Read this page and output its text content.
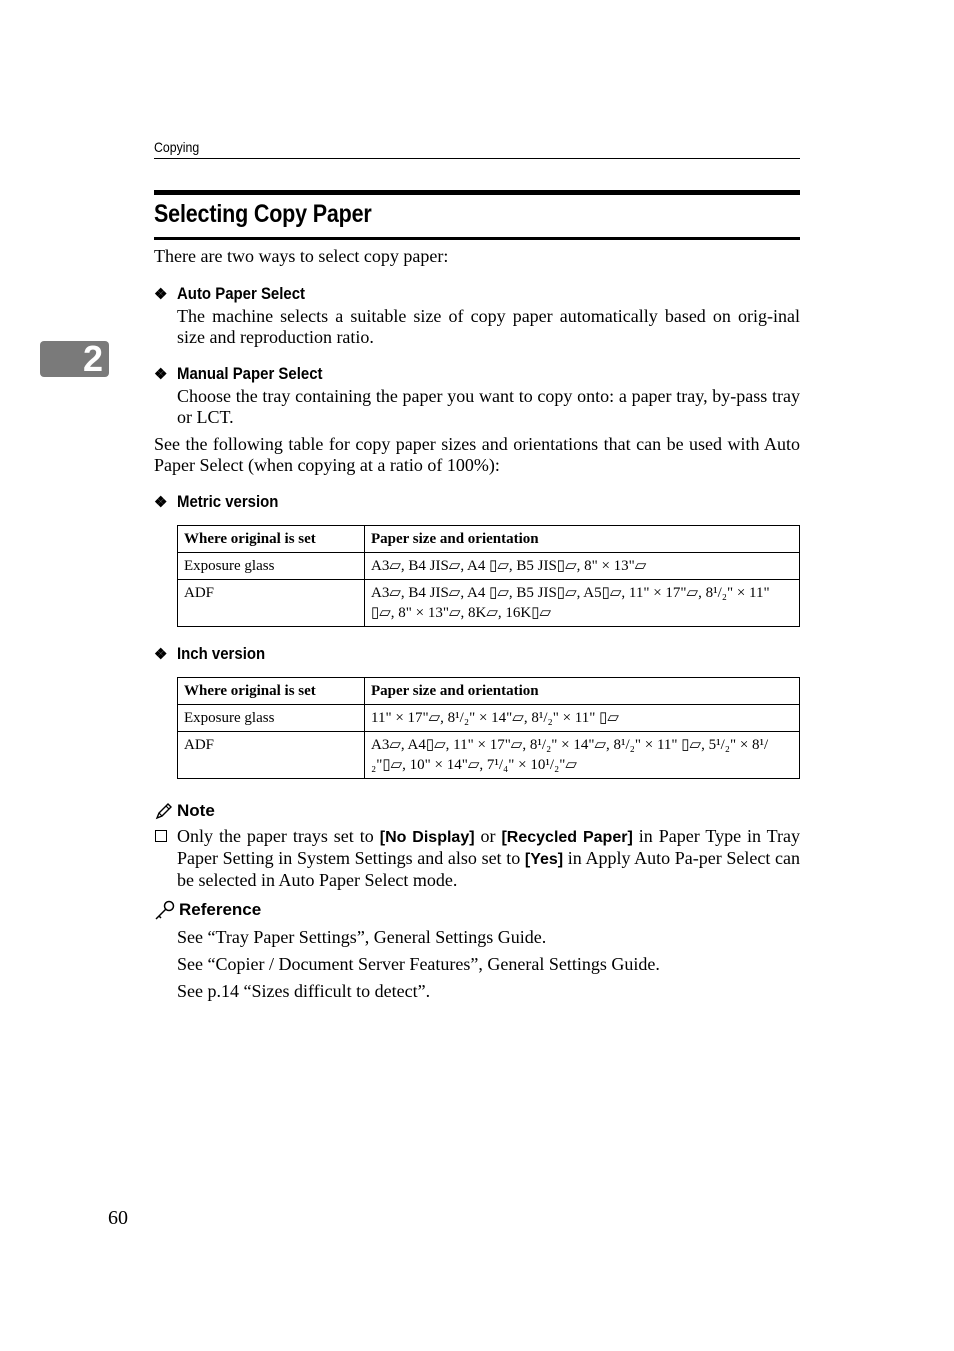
Copying
Selecting Copy Paper
2
There are two ways to select copy paper:
❖ Auto Paper Select
The machine selects a suitable size of copy paper automatically based on orig-inal size and reproduction ratio.
❖ Manual Paper Select
Choose the tray containing the paper you want to copy onto: a paper tray, by-pass tray or LCT.
See the following table for copy paper sizes and orientations that can be used with Auto Paper Select (when copying at a ratio of 100%):
❖ Metric version
Where original is set	Paper size and orientation
Exposure glass	A3▱, B4 JIS▱, A4 ▯▱, B5 JIS▯▱, 8" × 13"▱
ADF	A3▱, B4 JIS▱, A4 ▯▱, B5 JIS▯▱, A5▯▱, 11" × 17"▱, 8¹/₂" × 11" ▯▱, 8" × 13"▱, 8K▱, 16K▯▱
❖ Inch version
Where original is set	Paper size and orientation
Exposure glass	11" × 17"▱, 8¹/₂" × 14"▱, 8¹/₂" × 11" ▯▱
ADF	A3▱, A4▯▱, 11" × 17"▱, 8¹/₂" × 14"▱, 8¹/₂" × 11" ▯▱, 5¹/₂" × 8¹/₂"▯▱, 10" × 14"▱, 7¹/₄" × 10¹/₂"▱
Note
Only the paper trays set to [No Display] or [Recycled Paper] in Paper Type in Tray Paper Setting in System Settings and also set to [Yes] in Apply Auto Pa-per Select can be selected in Auto Paper Select mode.
Reference
See “Tray Paper Settings”, General Settings Guide.
See “Copier / Document Server Features”, General Settings Guide.
See p.14 “Sizes difficult to detect”.
60
